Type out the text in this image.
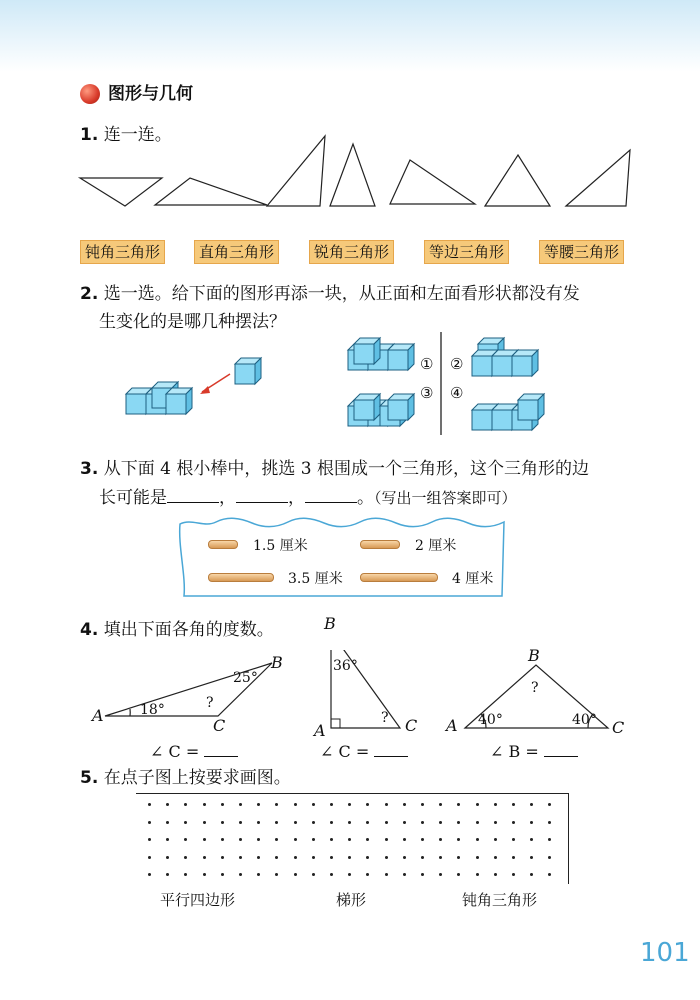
图形与几何
1. 连一连。
钝角三角形	直角三角形	锐角三角形	等边三角形	等腰三角形
2. 选一选。给下面的图形再添一块，从正面和左面看形状都没有发
生变化的是哪几种摆法？
① ②
③ ④
3. 从下面 4 根小棒中，挑选 3 根围成一个三角形，这个三角形的边
长可能是	，	，	。（写出一组答案即可）
1.5 厘米	2 厘米
3.5 厘米	4 厘米
4. 填出下面各角的度数。
A
B
C
18°
25°
?
∠ C =
B
A	C
36°
?
∠ C =
B
A	C
40°	40°
?
∠ B =
5. 在点子图上按要求画图。
平行四边形	梯形	钝角三角形
101
